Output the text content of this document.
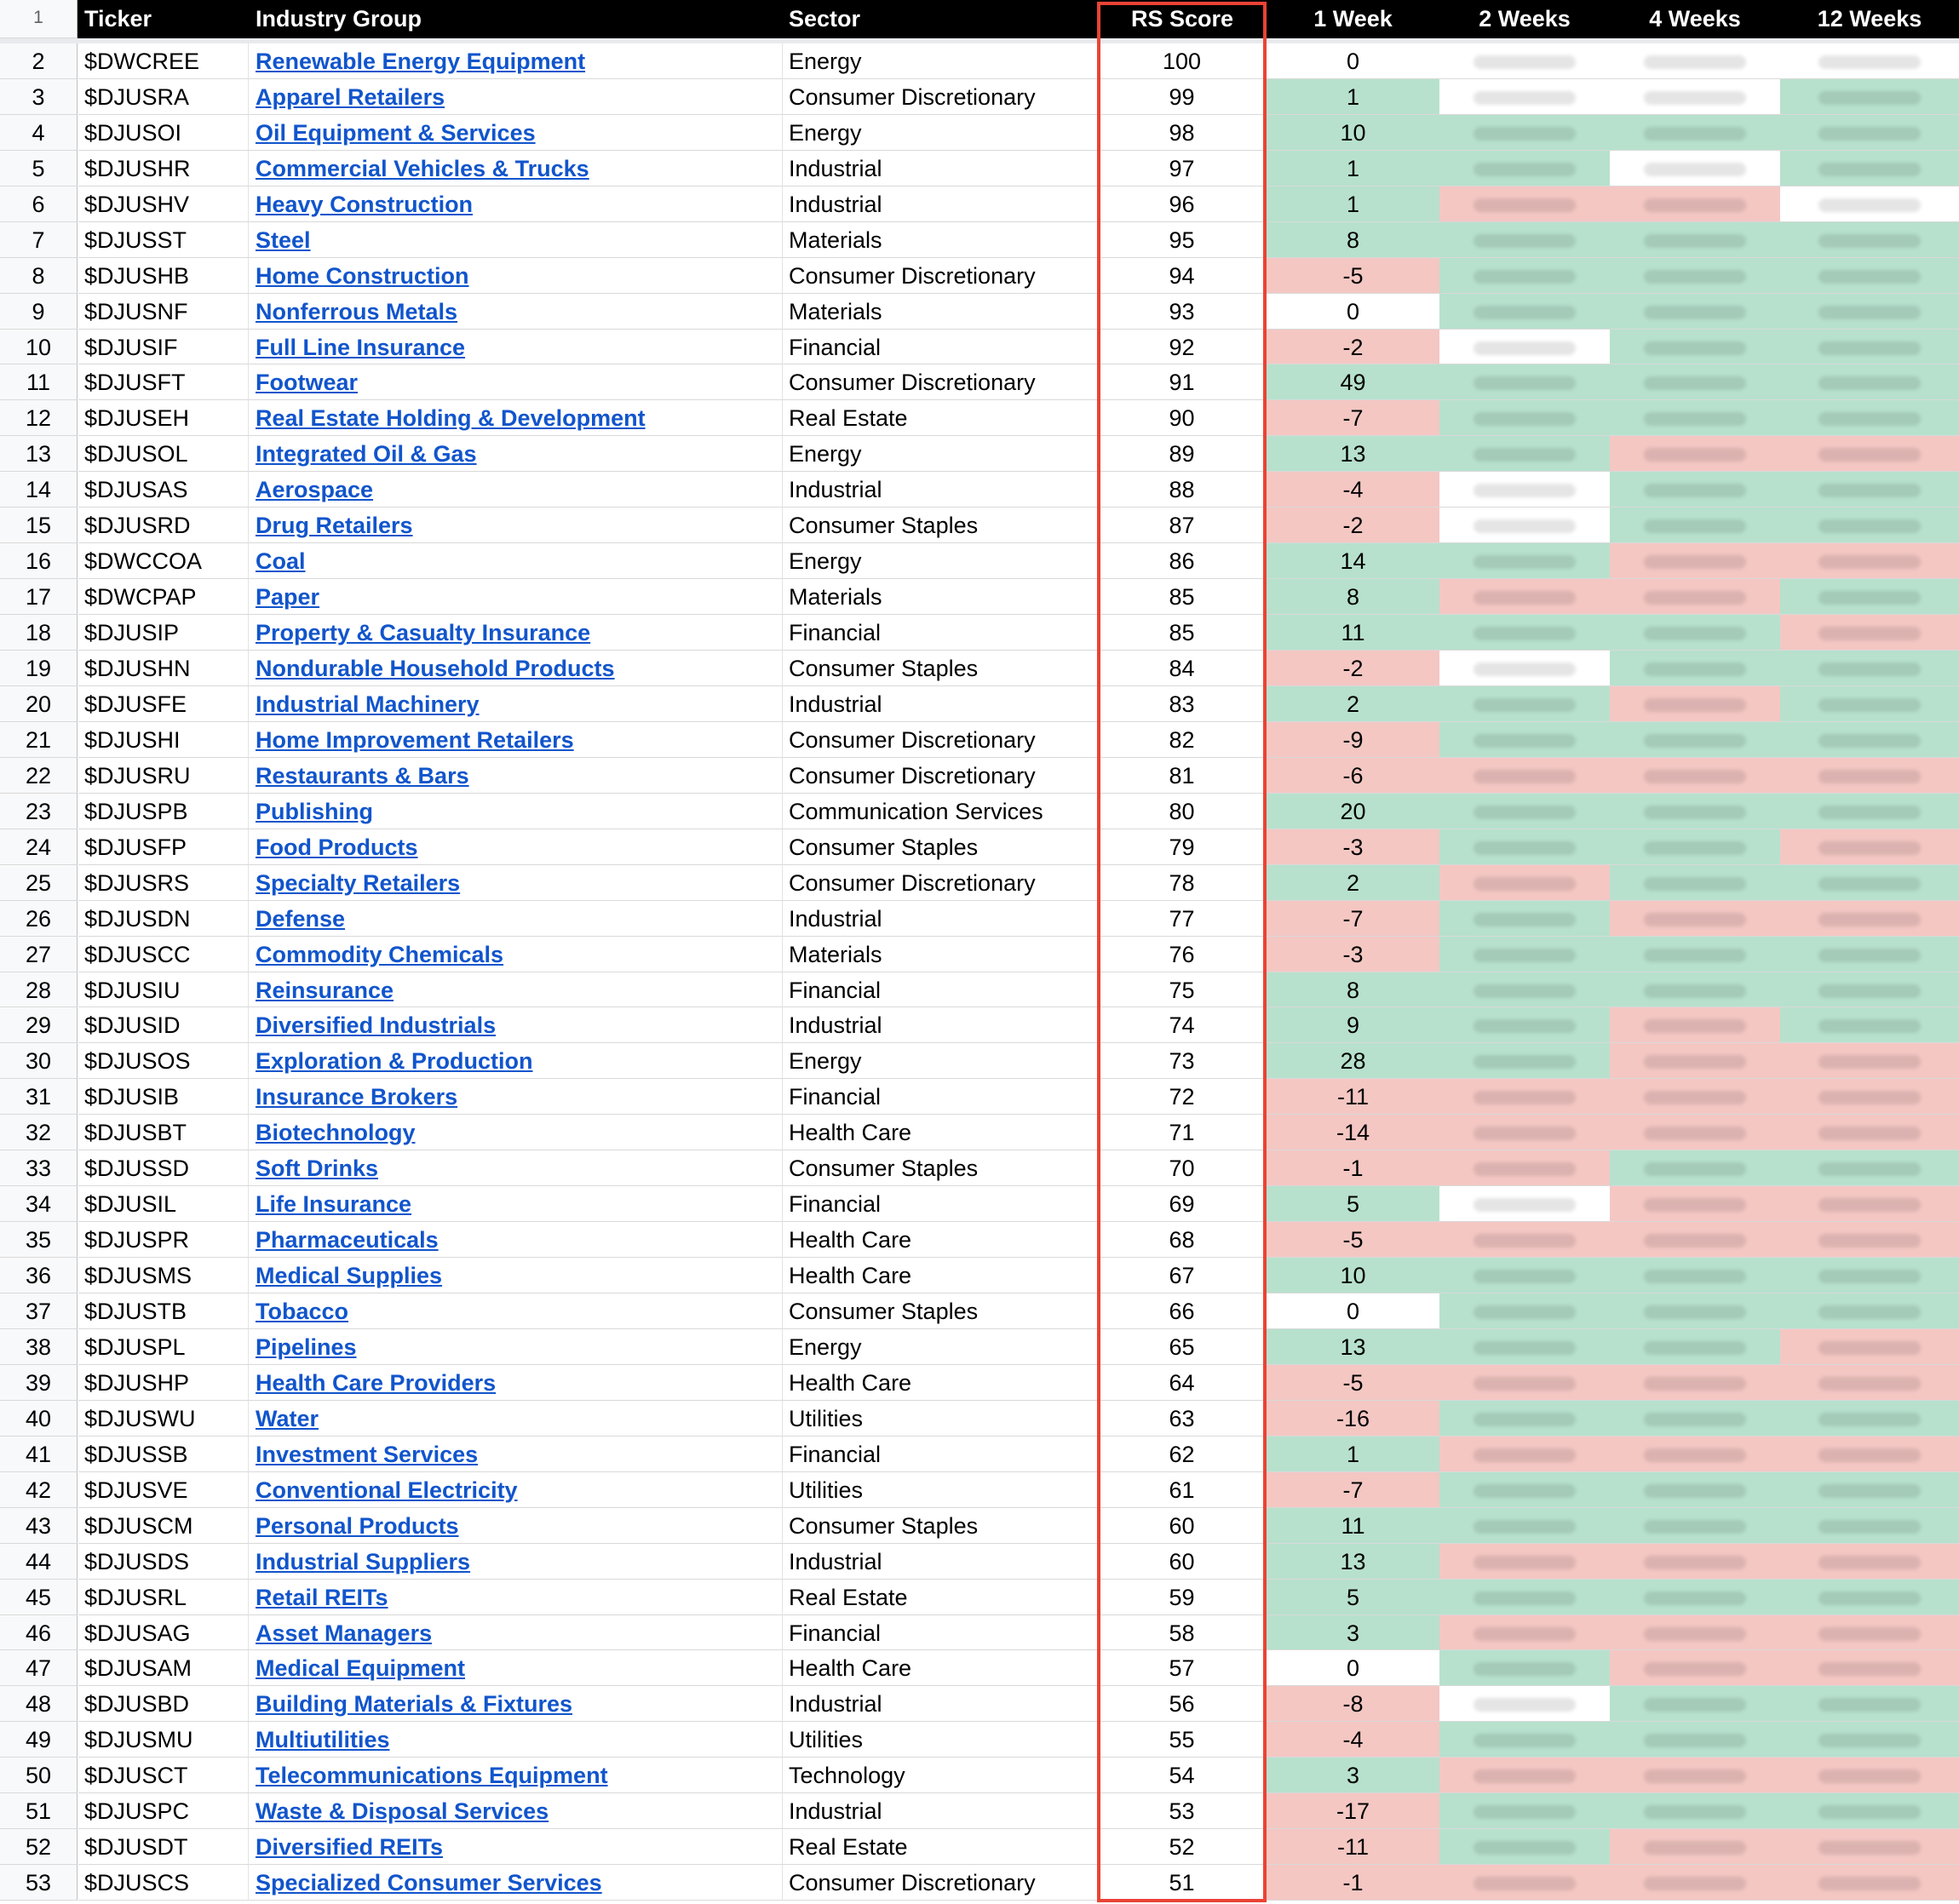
1	Ticker	Industry Group	Sector	RS Score	1 Week	2 Weeks	4 Weeks	12 Weeks
2	$DWCREE	Renewable Energy Equipment	Energy	100	0
3	$DJUSRA	Apparel Retailers	Consumer Discretionary	99	1
4	$DJUSOI	Oil Equipment & Services	Energy	98	10
5	$DJUSHR	Commercial Vehicles & Trucks	Industrial	97	1
6	$DJUSHV	Heavy Construction	Industrial	96	1
7	$DJUSST	Steel	Materials	95	8
8	$DJUSHB	Home Construction	Consumer Discretionary	94	-5
9	$DJUSNF	Nonferrous Metals	Materials	93	0
10	$DJUSIF	Full Line Insurance	Financial	92	-2
11	$DJUSFT	Footwear	Consumer Discretionary	91	49
12	$DJUSEH	Real Estate Holding & Development	Real Estate	90	-7
13	$DJUSOL	Integrated Oil & Gas	Energy	89	13
14	$DJUSAS	Aerospace	Industrial	88	-4
15	$DJUSRD	Drug Retailers	Consumer Staples	87	-2
16	$DWCCOA	Coal	Energy	86	14
17	$DWCPAP	Paper	Materials	85	8
18	$DJUSIP	Property & Casualty Insurance	Financial	85	11
19	$DJUSHN	Nondurable Household Products	Consumer Staples	84	-2
20	$DJUSFE	Industrial Machinery	Industrial	83	2
21	$DJUSHI	Home Improvement Retailers	Consumer Discretionary	82	-9
22	$DJUSRU	Restaurants & Bars	Consumer Discretionary	81	-6
23	$DJUSPB	Publishing	Communication Services	80	20
24	$DJUSFP	Food Products	Consumer Staples	79	-3
25	$DJUSRS	Specialty Retailers	Consumer Discretionary	78	2
26	$DJUSDN	Defense	Industrial	77	-7
27	$DJUSCC	Commodity Chemicals	Materials	76	-3
28	$DJUSIU	Reinsurance	Financial	75	8
29	$DJUSID	Diversified Industrials	Industrial	74	9
30	$DJUSOS	Exploration & Production	Energy	73	28
31	$DJUSIB	Insurance Brokers	Financial	72	-11
32	$DJUSBT	Biotechnology	Health Care	71	-14
33	$DJUSSD	Soft Drinks	Consumer Staples	70	-1
34	$DJUSIL	Life Insurance	Financial	69	5
35	$DJUSPR	Pharmaceuticals	Health Care	68	-5
36	$DJUSMS	Medical Supplies	Health Care	67	10
37	$DJUSTB	Tobacco	Consumer Staples	66	0
38	$DJUSPL	Pipelines	Energy	65	13
39	$DJUSHP	Health Care Providers	Health Care	64	-5
40	$DJUSWU	Water	Utilities	63	-16
41	$DJUSSB	Investment Services	Financial	62	1
42	$DJUSVE	Conventional Electricity	Utilities	61	-7
43	$DJUSCM	Personal Products	Consumer Staples	60	11
44	$DJUSDS	Industrial Suppliers	Industrial	60	13
45	$DJUSRL	Retail REITs	Real Estate	59	5
46	$DJUSAG	Asset Managers	Financial	58	3
47	$DJUSAM	Medical Equipment	Health Care	57	0
48	$DJUSBD	Building Materials & Fixtures	Industrial	56	-8
49	$DJUSMU	Multiutilities	Utilities	55	-4
50	$DJUSCT	Telecommunications Equipment	Technology	54	3
51	$DJUSPC	Waste & Disposal Services	Industrial	53	-17
52	$DJUSDT	Diversified REITs	Real Estate	52	-11
53	$DJUSCS	Specialized Consumer Services	Consumer Discretionary	51	-1
